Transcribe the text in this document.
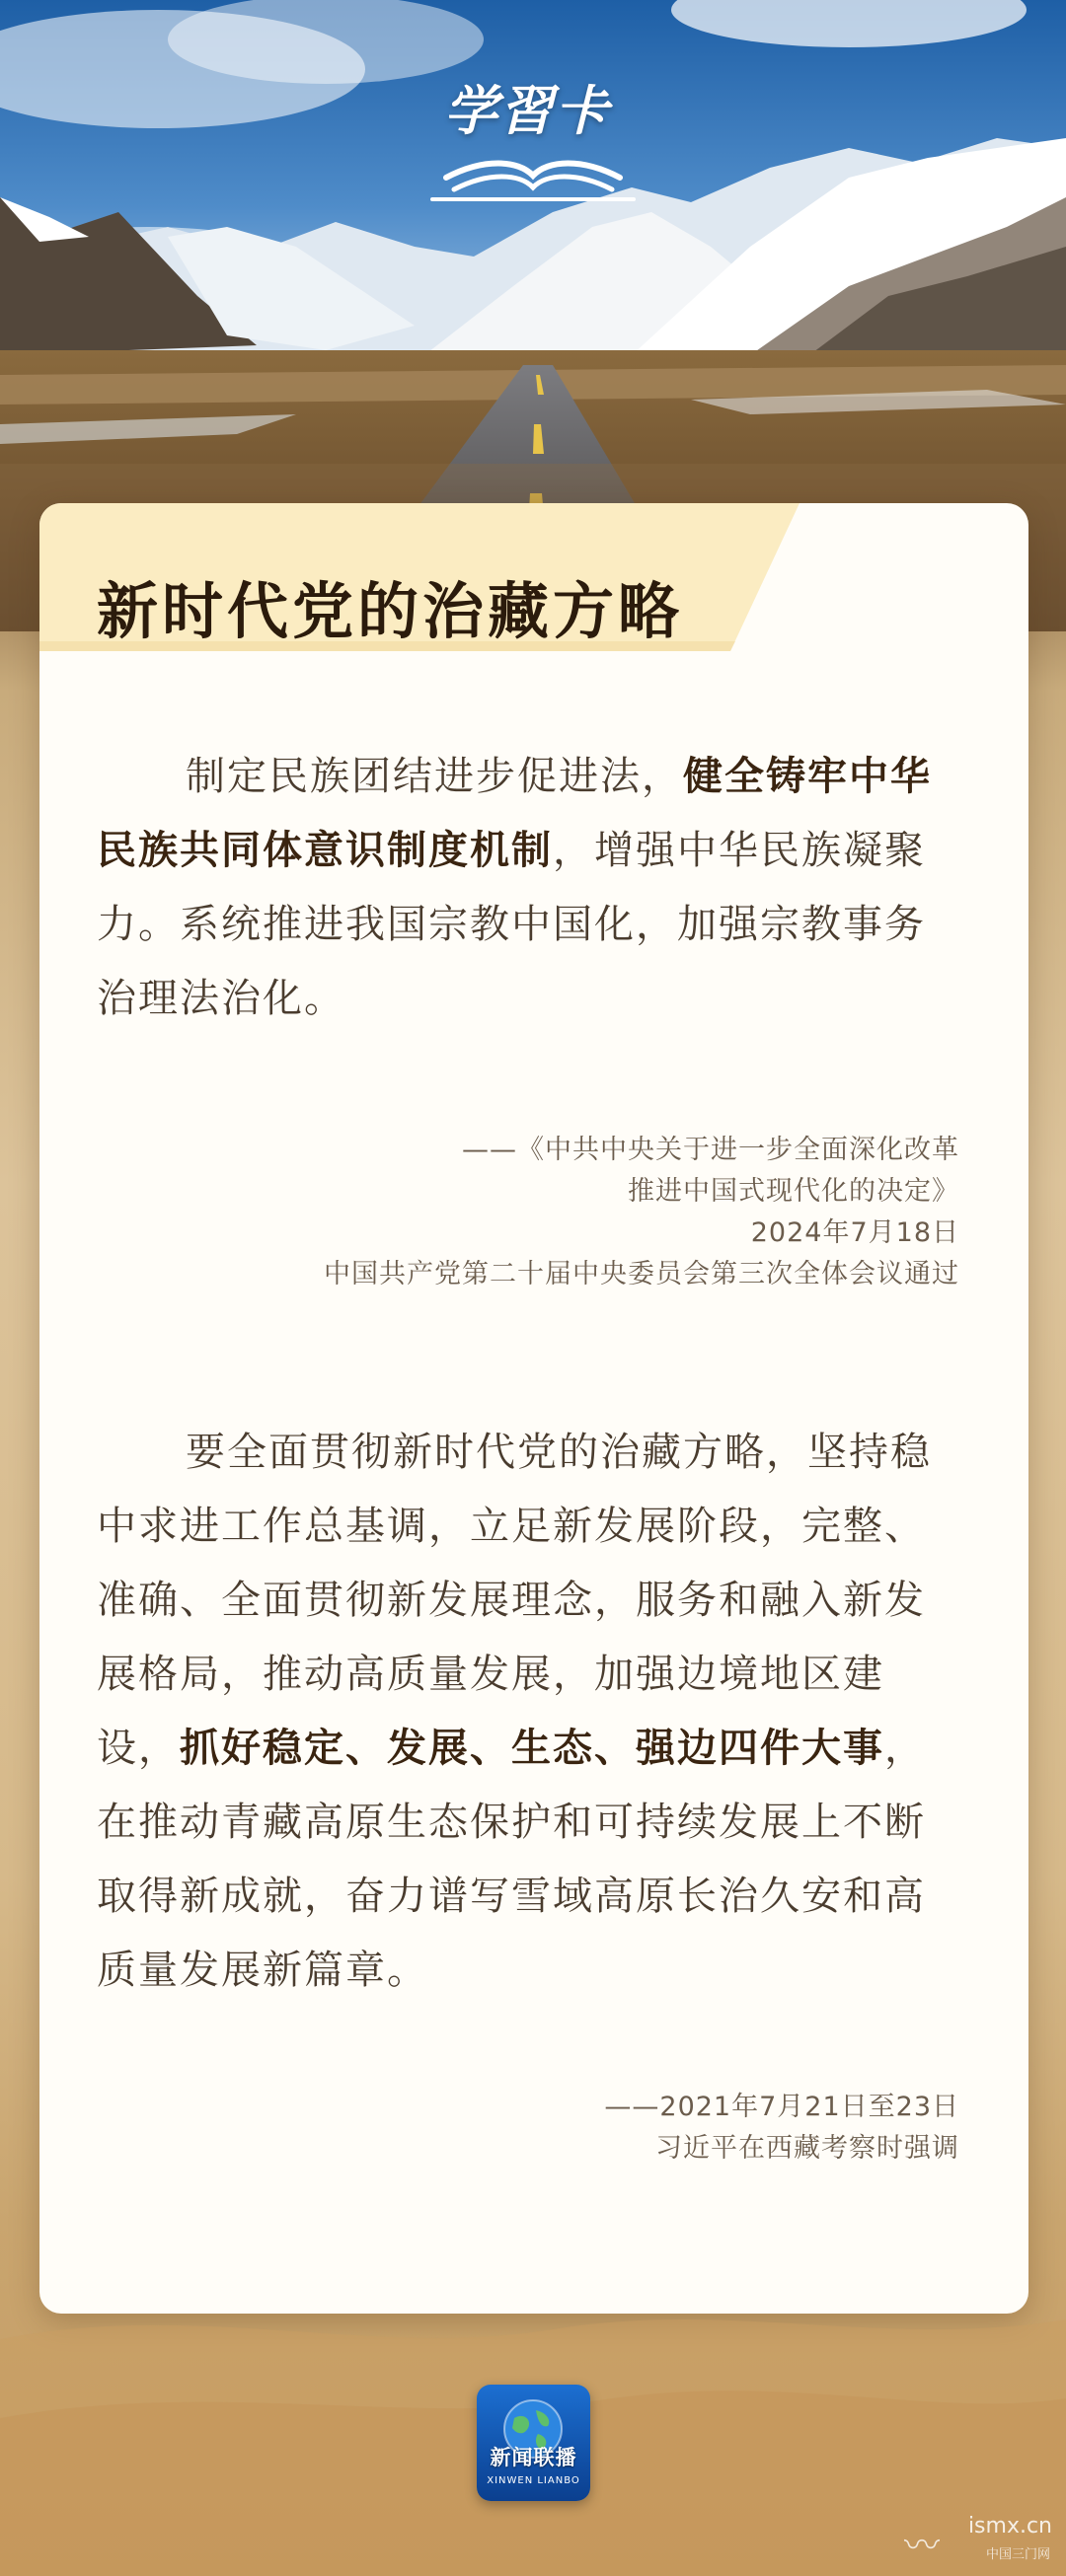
学習卡
新时代党的治藏方略
制定民族团结进步促进法，健全铸牢中华民族共同体意识制度机制，增强中华民族凝聚力。系统推进我国宗教中国化，加强宗教事务治理法治化。
——《中共中央关于进一步全面深化改革
推进中国式现代化的决定》
2024年7月18日
中国共产党第二十届中央委员会第三次全体会议通过
要全面贯彻新时代党的治藏方略，坚持稳中求进工作总基调，立足新发展阶段，完整、准确、全面贯彻新发展理念，服务和融入新发展格局，推动高质量发展，加强边境地区建设，抓好稳定、发展、生态、强边四件大事，在推动青藏高原生态保护和可持续发展上不断取得新成就，奋力谱写雪域高原长治久安和高质量发展新篇章。
——2021年7月21日至23日
习近平在西藏考察时强调
新闻联播
XINWEN LIANBO
〰 ismx.cn
中国三门网
